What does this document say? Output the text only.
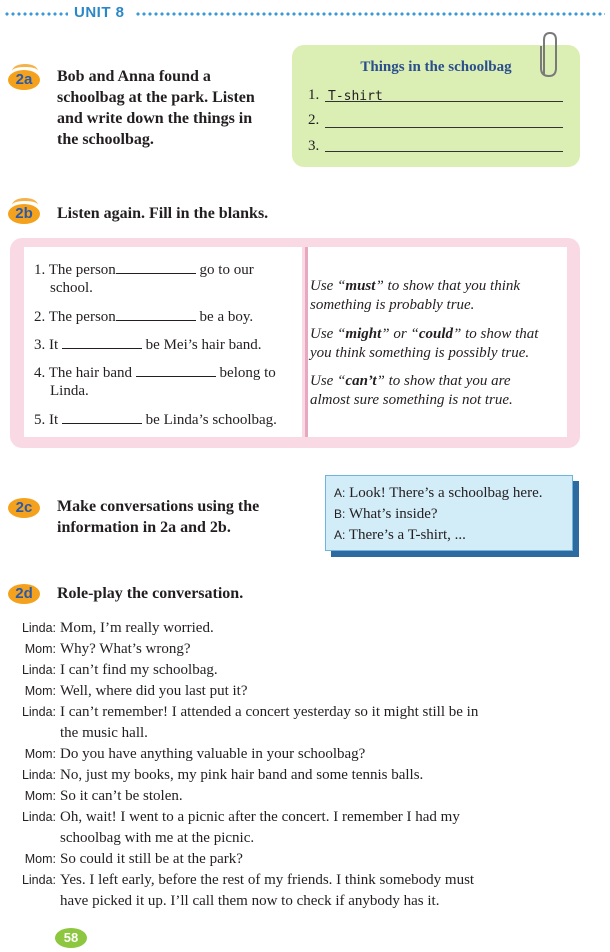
UNIT 8
2a	Bob and Anna found a
schoolbag at the park. Listen
and write down the things in
the schoolbag.
Things in the schoolbag
1. T-shirt
2.
3.
2b	Listen again. Fill in the blanks.
1. The person	go to our
school.
2. The person	be a boy.
3. It	be Mei’s hair band.
4. The hair band	belong to
Linda.
5. It	be Linda’s schoolbag.
Use “must” to show that you think
something is probably true.
Use “might” or “could” to show that
you think something is possibly true.
Use “can’t” to show that you are
almost sure something is not true.
2c	Make conversations using the
information in 2a and 2b.
A: Look! There’s a schoolbag here.
B: What’s inside?
A: There’s a T-shirt, ...
2d	Role-play the conversation.
Linda: Mom, I’m really worried.
Mom: Why? What’s wrong?
Linda: I can’t find my schoolbag.
Mom: Well, where did you last put it?
Linda: I can’t remember! I attended a concert yesterday so it might still be in
the music hall.
Mom: Do you have anything valuable in your schoolbag?
Linda: No, just my books, my pink hair band and some tennis balls.
Mom: So it can’t be stolen.
Linda: Oh, wait! I went to a picnic after the concert. I remember I had my
schoolbag with me at the picnic.
Mom: So could it still be at the park?
Linda: Yes. I left early, before the rest of my friends. I think somebody must
have picked it up. I’ll call them now to check if anybody has it.
58
